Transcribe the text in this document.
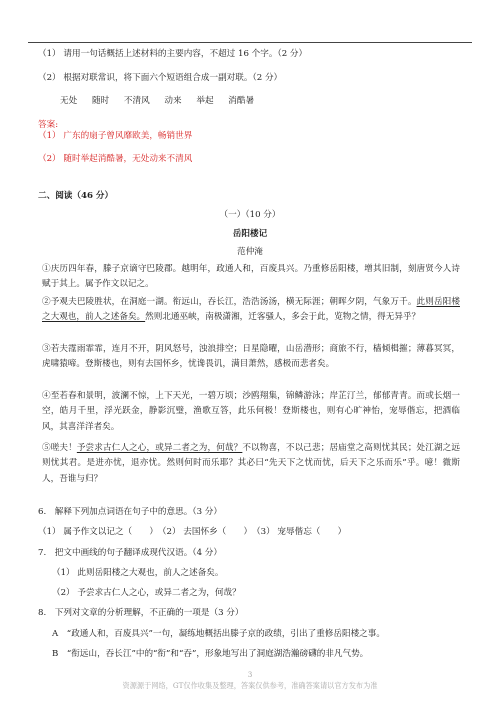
（1） 请用一句话概括上述材料的主要内容，不超过 16 个字。（2 分）
（2） 根据对联常识，将下面六个短语组合成一副对联。（2 分）
无处 随时 不清风 动来 举起 消酷暑
答案:
（1） 广东的扇子曾风靡欧美，畅销世界
（2） 随时举起消酷暑，无处动来不清风
二、阅读（46 分）
（一）（10 分）
岳阳楼记
范仲淹
①庆历四年春，滕子京谪守巴陵郡。越明年，政通人和，百废具兴。乃重修岳阳楼，增其旧制，刻唐贤今人诗赋于其上。属予作文以记之。
②予观夫巴陵胜状，在洞庭一湖。衔远山，吞长江，浩浩汤汤，横无际涯；朝晖夕阴，气象万千。此则岳阳楼之大观也，前人之述备矣。然则北通巫峡，南极潇湘，迁客骚人，多会于此，览物之情，得无异乎？
③若夫霪雨霏霏，连月不开，阴风怒号，浊浪排空；日星隐曜，山岳潜形；商旅不行，樯倾楫摧；薄暮冥冥，虎啸猿啼。登斯楼也，则有去国怀乡，忧谗畏讥，满目萧然，感极而悲者矣。
④至若春和景明，波澜不惊，上下天光，一碧万顷；沙鸥翔集，锦鳞游泳；岸芷汀兰，郁郁青青。而或长烟一空，皓月千里，浮光跃金，静影沉璧，渔歌互答，此乐何极！登斯楼也，则有心旷神怡，宠辱偕忘，把酒临风，其喜洋洋者矣。
⑤嗟夫！予尝求古仁人之心，或异二者之为，何哉？不以物喜，不以己悲；居庙堂之高则忧其民；处江湖之远则忧其君。是进亦忧，退亦忧。然则何时而乐耶？其必曰“先天下之忧而忧，后天下之乐而乐”乎。噫！微斯人，吾谁与归？
6.　解释下列加点词语在句子中的意思。（3 分）
（1） 属予作文以记之（　　）　（2） 去国怀乡（　　）　（3） 宠辱偕忘（　　）
7.　把文中画线的句子翻译成现代汉语。（4 分）
（1） 此则岳阳楼之大观也，前人之述备矣。
（2） 予尝求古仁人之心，或异二者之为，何哉？
8.　下列对文章的分析理解，不正确的一项是（3 分）
A　“政通人和，百废具兴”一句，凝练地概括出滕子京的政绩，引出了重修岳阳楼之事。
B　“衔远山，吞长江”中的“衔”和“吞”，形象地写出了洞庭湖浩瀚磅礴的非凡气势。
3
资源源于网络，GT仅作收集及整理，答案仅供参考，准确答案请以官方发布为准
